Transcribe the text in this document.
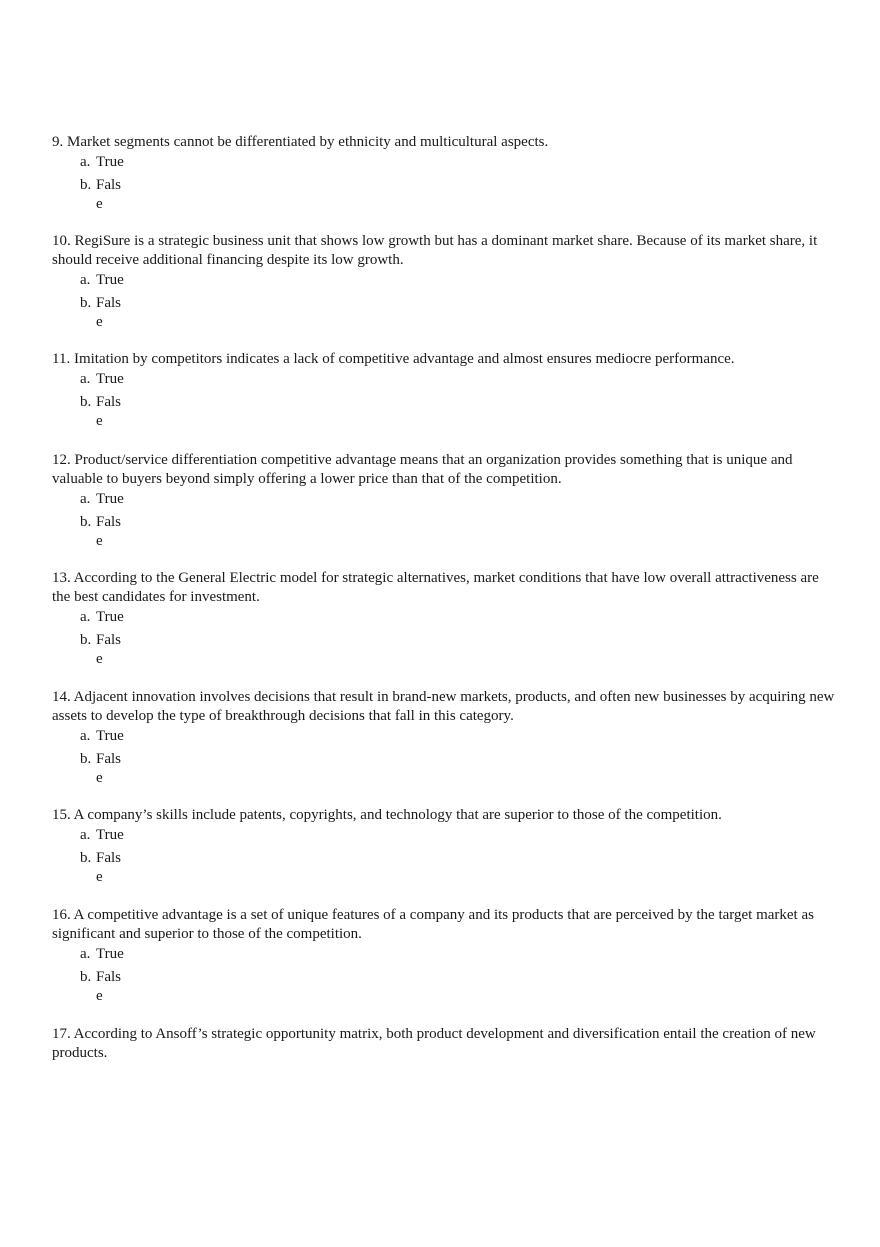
9. Market segments cannot be differentiated by ethnicity and multicultural aspects.

a. True
b. Fals
e

10. RegiSure is a strategic business unit that shows low growth but has a dominant market share. Because of its market share, it should receive additional financing despite its low growth.

a. True
b. Fals
e

11. Imitation by competitors indicates a lack of competitive advantage and almost ensures mediocre performance.

a. True
b. Fals
e

12. Product/service differentiation competitive advantage means that an organization provides something that is unique and valuable to buyers beyond simply offering a lower price than that of the competition.

a. True
b. Fals
e

13. According to the General Electric model for strategic alternatives, market conditions that have low overall attractiveness are the best candidates for investment.

a. True
b. Fals
e

14. Adjacent innovation involves decisions that result in brand-new markets, products, and often new businesses by acquiring new assets to develop the type of breakthrough decisions that fall in this category.

a. True
b. Fals
e

15. A company’s skills include patents, copyrights, and technology that are superior to those of the competition.

a. True
b. Fals
e

16. A competitive advantage is a set of unique features of a company and its products that are perceived by the target market as significant and superior to those of the competition.

a. True
b. Fals
e

17. According to Ansoff’s strategic opportunity matrix, both product development and diversification entail the creation of new products.
